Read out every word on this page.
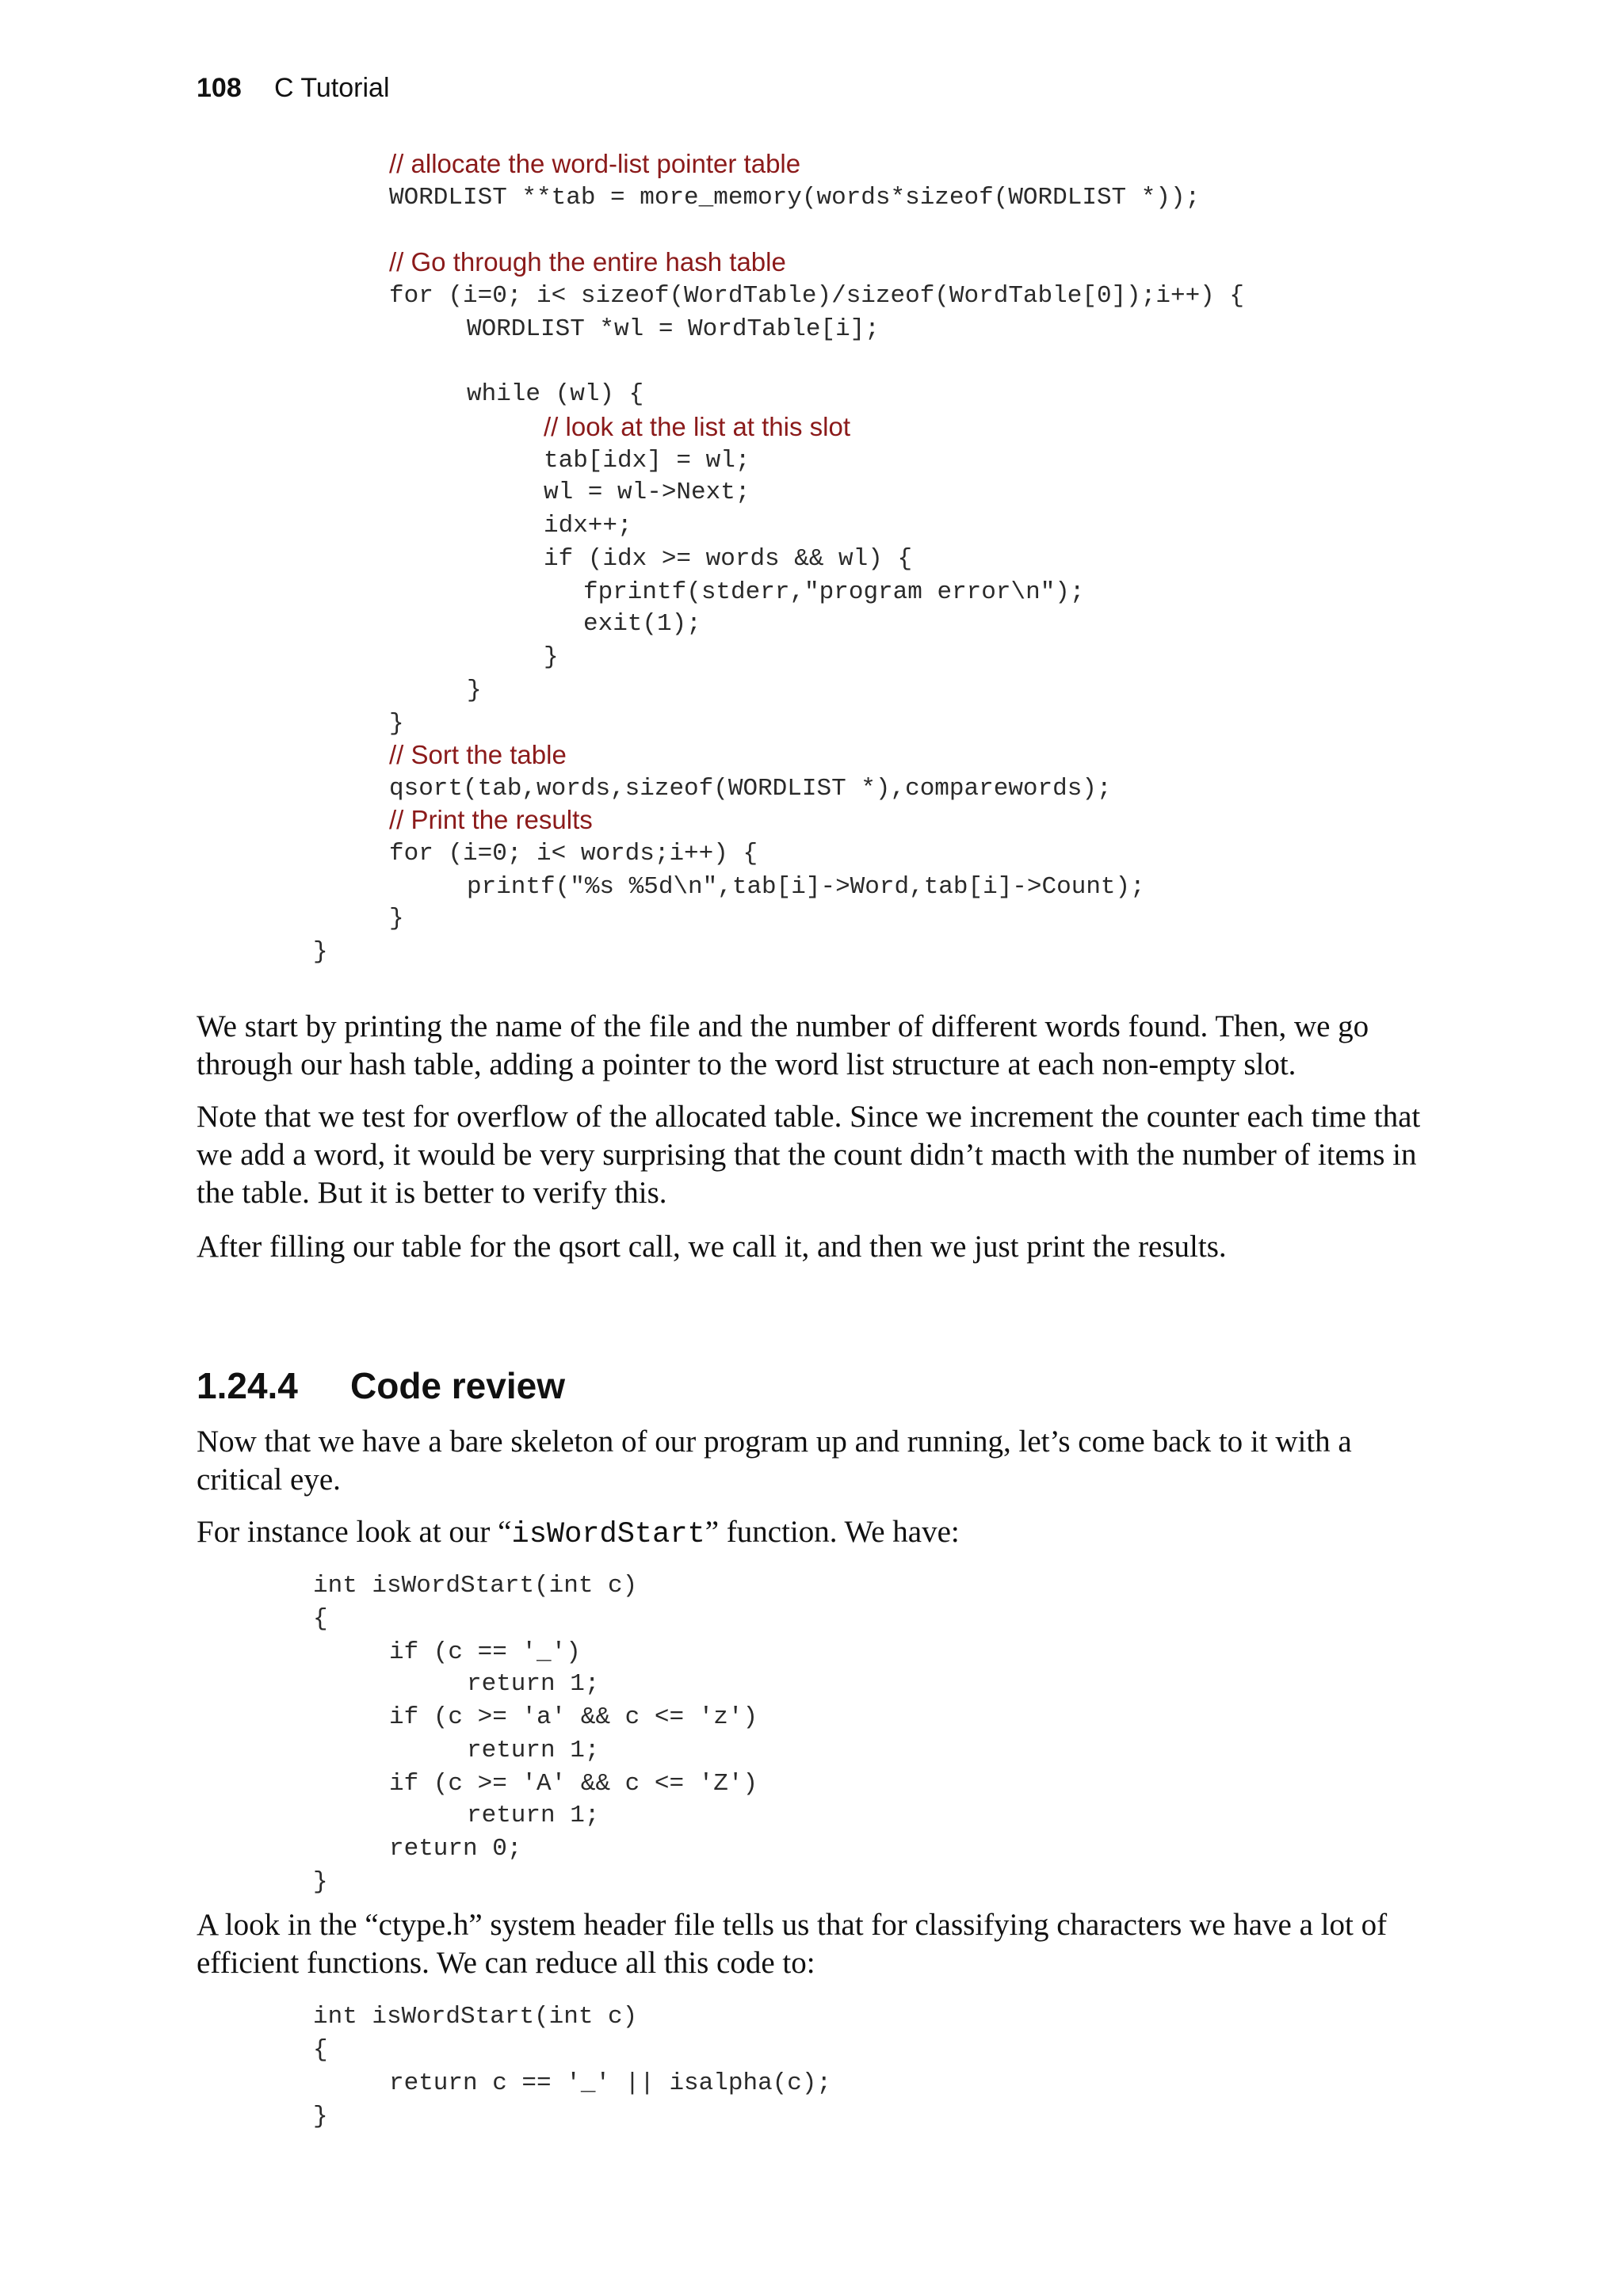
108 C Tutorial
// allocate the word-list pointer table
WORDLIST **tab = more_memory(words*sizeof(WORDLIST *));
// Go through the entire hash table
for (i=0; i< sizeof(WordTable)/sizeof(WordTable[0]);i++) {
WORDLIST *wl = WordTable[i];
while (wl) {
// look at the list at this slot
tab[idx] = wl;
wl = wl->Next;
idx++;
if (idx >= words && wl) {
fprintf(stderr,"program error\n");
exit(1);
}
}
}
// Sort the table
qsort(tab,words,sizeof(WORDLIST *),comparewords);
// Print the results
for (i=0; i< words;i++) {
printf("%s %5d\n",tab[i]->Word,tab[i]->Count);
}
}
We start by printing the name of the file and the number of different words found. Then, we go through our hash table, adding a pointer to the word list structure at each non-empty slot.
Note that we test for overflow of the allocated table. Since we increment the counter each time that we add a word, it would be very surprising that the count didn’t macth with the number of items in the table. But it is better to verify this.
After filling our table for the qsort call, we call it, and then we just print the results.
1.24.4 Code review
Now that we have a bare skeleton of our program up and running, let’s come back to it with a critical eye.
For instance look at our “isWordStart” function. We have:
int isWordStart(int c)
{
if (c == '_')
return 1;
if (c >= 'a' && c <= 'z')
return 1;
if (c >= 'A' && c <= 'Z')
return 1;
return 0;
}
A look in the “ctype.h” system header file tells us that for classifying characters we have a lot of efficient functions. We can reduce all this code to:
int isWordStart(int c)
{
return c == '_' || isalpha(c);
}
